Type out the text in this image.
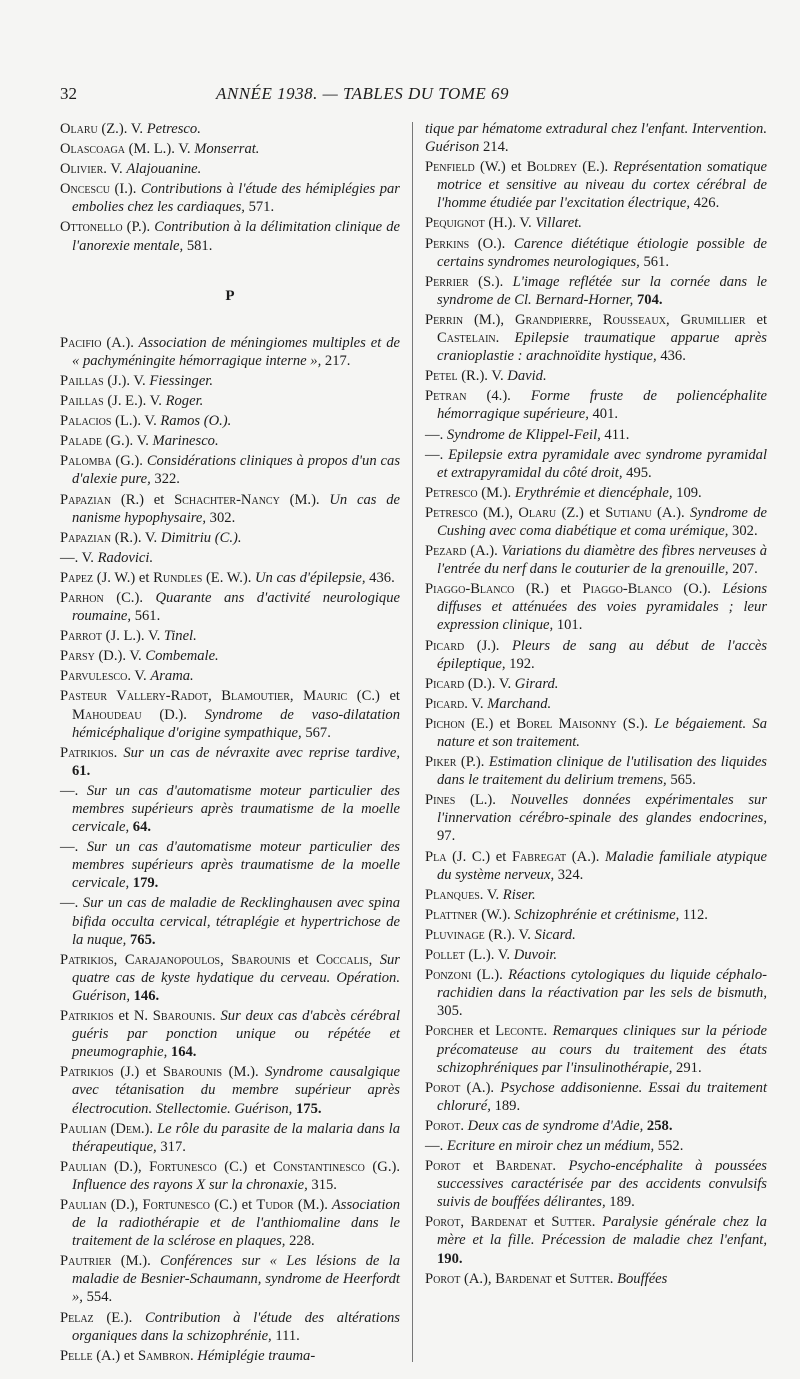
32	ANNÉE 1938. — TABLES DU TOME 69
Olaru (Z.). V. Petresco.
Olascoaga (M. L.). V. Monserrat.
Olivier. V. Alajouanine.
Oncescu (I.). Contributions à l'étude des hémiplégies par embolies chez les cardiaques, 571.
Ottonello (P.). Contribution à la délimitation clinique de l'anorexie mentale, 581.
P
Pacifio (A.). Association de méningiomes multiples et de « pachyméningite hémorragique interne », 217.
Paillas (J.). V. Fiessinger.
Paillas (J. E.). V. Roger.
Palacios (L.). V. Ramos (O.).
Palade (G.). V. Marinesco.
Palomba (G.). Considérations cliniques à propos d'un cas d'alexie pure, 322.
Papazian (R.) et Schachter-Nancy (M.). Un cas de nanisme hypophysaire, 302.
Papazian (R.). V. Dimitriu (C.).
—. V. Radovici.
Papez (J. W.) et Rundles (E. W.). Un cas d'épilepsie, 436.
Parhon (C.). Quarante ans d'activité neurologique roumaine, 561.
Parrot (J. L.). V. Tinel.
Parsy (D.). V. Combemale.
Parvulesco. V. Arama.
Pasteur Vallery-Radot, Blamoutier, Mauric (C.) et Mahoudeau (D.). Syndrome de vaso-dilatation hémicéphalique d'origine sympathique, 567.
Patrikios. Sur un cas de névraxite avec reprise tardive, 61.
—. Sur un cas d'automatisme moteur particulier des membres supérieurs après traumatisme de la moelle cervicale, 64.
—. Sur un cas d'automatisme moteur particulier des membres supérieurs après traumatisme de la moelle cervicale, 179.
—. Sur un cas de maladie de Recklinghausen avec spina bifida occulta cervical, tétraplégie et hypertrichose de la nuque, 765.
Patrikios, Carajanopoulos, Sbarounis et Coccalis, Sur quatre cas de kyste hydatique du cerveau. Opération. Guérison, 146.
Patrikios et N. Sbarounis. Sur deux cas d'abcès cérébral guéris par ponction unique ou répétée et pneumographie, 164.
Patrikios (J.) et Sbarounis (M.). Syndrome causalgique avec tétanisation du membre supérieur après électrocution. Stellectomie. Guérison, 175.
Paulian (Dem.). Le rôle du parasite de la malaria dans la thérapeutique, 317.
Paulian (D.), Fortunesco (C.) et Constantinesco (G.). Influence des rayons X sur la chronaxie, 315.
Paulian (D.), Fortunesco (C.) et Tudor (M.). Association de la radiothérapie et de l'anthiomaline dans le traitement de la sclérose en plaques, 228.
Pautrier (M.). Conférences sur « Les lésions de la maladie de Besnier-Schaumann, syndrome de Heerfordt », 554.
Pelaz (E.). Contribution à l'étude des altérations organiques dans la schizophrénie, 111.
Pelle (A.) et Sambron. Hémiplégie trauma-
tique par hématome extradural chez l'enfant. Intervention. Guérison 214.
Penfield (W.) et Boldrey (E.). Représentation somatique motrice et sensitive au niveau du cortex cérébral de l'homme étudiée par l'excitation électrique, 426.
Pequignot (H.). V. Villaret.
Perkins (O.). Carence diététique étiologie possible de certains syndromes neurologiques, 561.
Perrier (S.). L'image reflétée sur la cornée dans le syndrome de Cl. Bernard-Horner, 704.
Perrin (M.), Grandpierre, Rousseaux, Grumillier et Castelain. Epilepsie traumatique apparue après cranioplastie : arachnoïdite hystique, 436.
Petel (R.). V. David.
Petran (4.). Forme fruste de poliencéphalite hémorragique supérieure, 401.
—. Syndrome de Klippel-Feil, 411.
—. Epilepsie extra pyramidale avec syndrome pyramidal et extrapyramidal du côté droit, 495.
Petresco (M.). Erythrémie et diencéphale, 109.
Petresco (M.), Olaru (Z.) et Sutianu (A.). Syndrome de Cushing avec coma diabétique et coma urémique, 302.
Pezard (A.). Variations du diamètre des fibres nerveuses à l'entrée du nerf dans le couturier de la grenouille, 207.
Piaggo-Blanco (R.) et Piaggo-Blanco (O.). Lésions diffuses et atténuées des voies pyramidales ; leur expression clinique, 101.
Picard (J.). Pleurs de sang au début de l'accès épileptique, 192.
Picard (D.). V. Girard.
Picard. V. Marchand.
Pichon (E.) et Borel Maisonny (S.). Le bégaiement. Sa nature et son traitement.
Piker (P.). Estimation clinique de l'utilisation des liquides dans le traitement du delirium tremens, 565.
Pines (L.). Nouvelles données expérimentales sur l'innervation cérébro-spinale des glandes endocrines, 97.
Pla (J. C.) et Fabregat (A.). Maladie familiale atypique du système nerveux, 324.
Planques. V. Riser.
Plattner (W.). Schizophrénie et crétinisme, 112.
Pluvinage (R.). V. Sicard.
Pollet (L.). V. Duvoir.
Ponzoni (L.). Réactions cytologiques du liquide céphalo-rachidien dans la réactivation par les sels de bismuth, 305.
Porcher et Leconte. Remarques cliniques sur la période précomateuse au cours du traitement des états schizophréniques par l'insulinothérapie, 291.
Porot (A.). Psychose addisonienne. Essai du traitement chloruré, 189.
Porot. Deux cas de syndrome d'Adie, 258.
—. Ecriture en miroir chez un médium, 552.
Porot et Bardenat. Psycho-encéphalite à poussées successives caractérisée par des accidents convulsifs suivis de bouffées délirantes, 189.
Porot, Bardenat et Sutter. Paralysie générale chez la mère et la fille. Précession de maladie chez l'enfant, 190.
Porot (A.), Bardenat et Sutter. Bouffées
